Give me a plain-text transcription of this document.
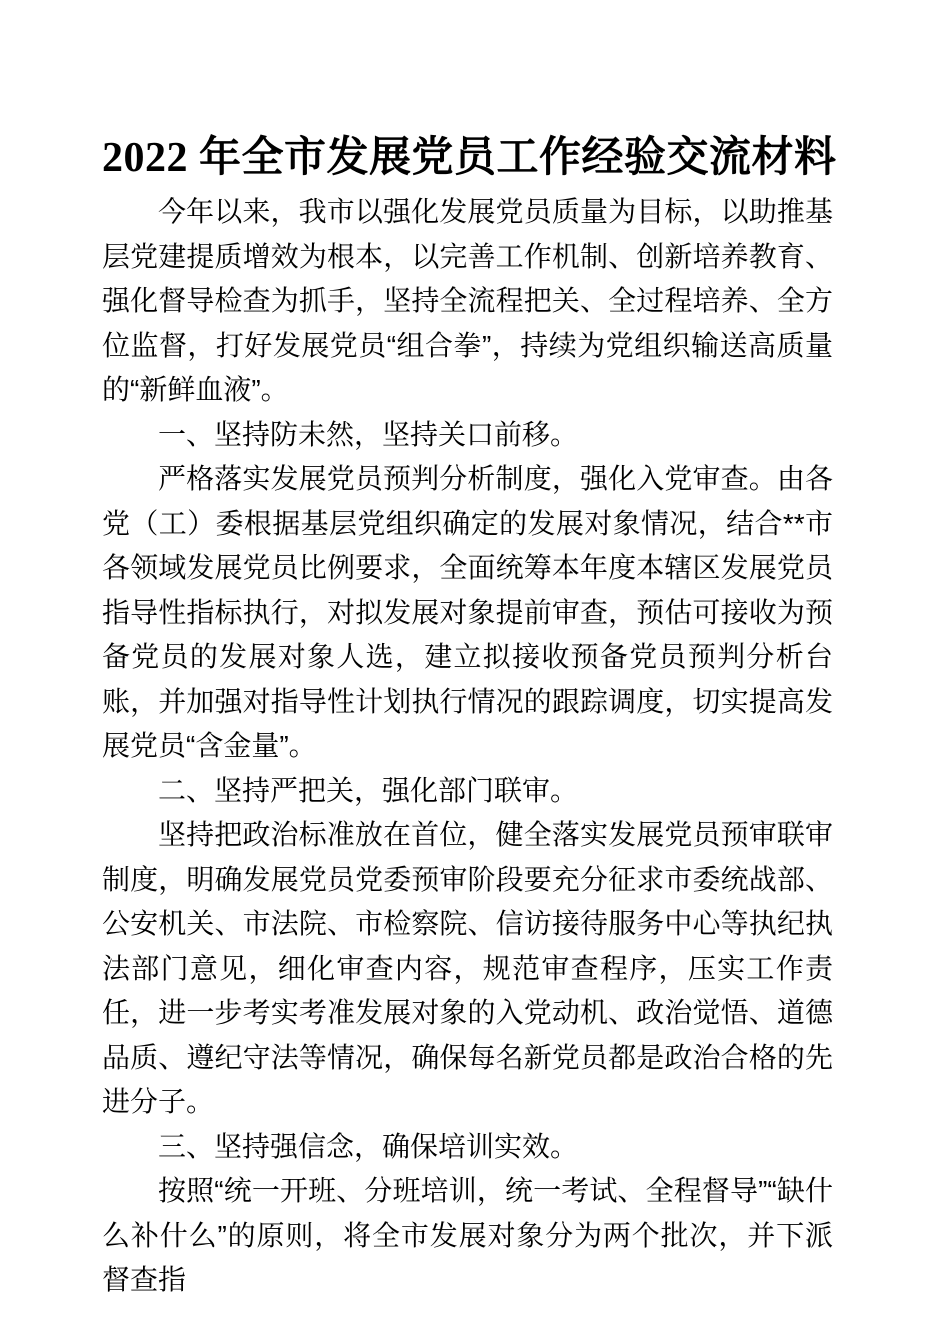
2022 年全市发展党员工作经验交流材料

今年以来，我市以强化发展党员质量为目标，以助推基层党建提质增效为根本，以完善工作机制、创新培养教育、强化督导检查为抓手，坚持全流程把关、全过程培养、全方位监督，打好发展党员“组合拳”，持续为党组织输送高质量的“新鲜血液”。

一、坚持防未然，坚持关口前移。

严格落实发展党员预判分析制度，强化入党审查。由各党（工）委根据基层党组织确定的发展对象情况，结合**市各领域发展党员比例要求，全面统筹本年度本辖区发展党员指导性指标执行，对拟发展对象提前审查，预估可接收为预备党员的发展对象人选，建立拟接收预备党员预判分析台账，并加强对指导性计划执行情况的跟踪调度，切实提高发展党员“含金量”。

二、坚持严把关，强化部门联审。

坚持把政治标准放在首位，健全落实发展党员预审联审制度，明确发展党员党委预审阶段要充分征求市委统战部、公安机关、市法院、市检察院、信访接待服务中心等执纪执法部门意见，细化审查内容，规范审查程序，压实工作责任，进一步考实考准发展对象的入党动机、政治觉悟、道德品质、遵纪守法等情况，确保每名新党员都是政治合格的先进分子。

三、坚持强信念，确保培训实效。

按照“统一开班、分班培训，统一考试、全程督导”“缺什么补什么”的原则，将全市发展对象分为两个批次，并下派督查指
